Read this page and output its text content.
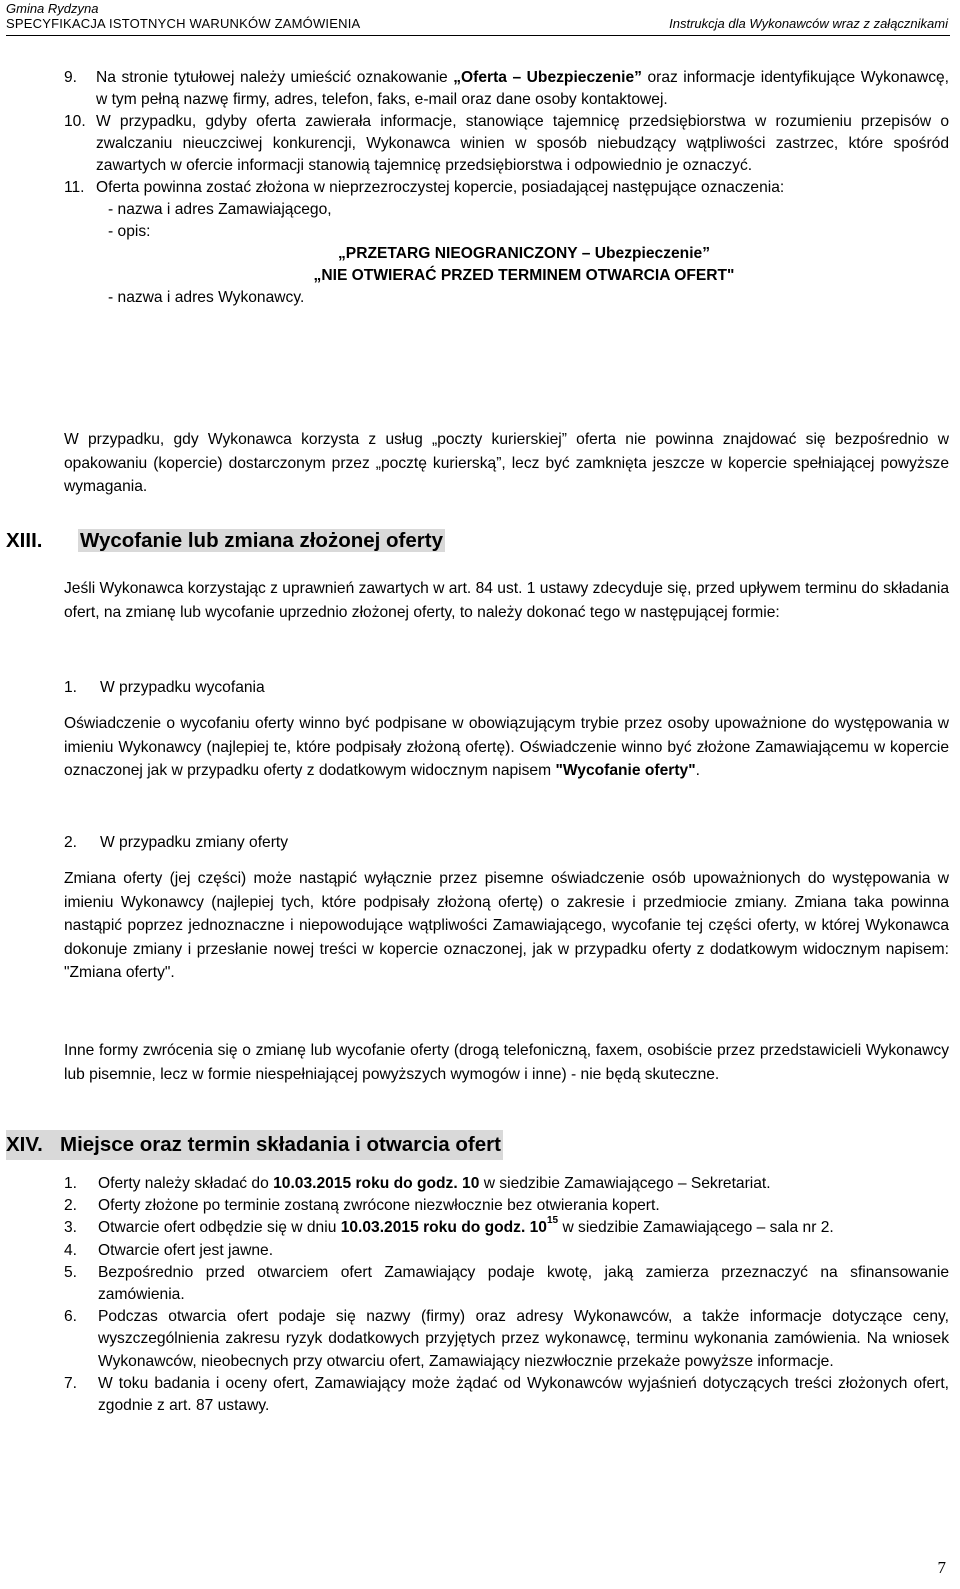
Gmina Rydzyna
SPECYFIKACJA ISTOTNYCH WARUNKÓW ZAMÓWIENIA	Instrukcja dla Wykonawców wraz z załącznikami
9. Na stronie tytułowej należy umieścić oznakowanie „Oferta – Ubezpieczenie” oraz informacje identyfikujące Wykonawcę, w tym pełną nazwę firmy, adres, telefon, faks, e-mail oraz dane osoby kontaktowej.
10. W przypadku, gdyby oferta zawierała informacje, stanowiące tajemnicę przedsiębiorstwa w rozumieniu przepisów o zwalczaniu nieuczciwej konkurencji, Wykonawca winien w sposób niebudzący wątpliwości zastrzec, które spośród zawartych w ofercie informacji stanowią tajemnicę przedsiębiorstwa i odpowiednio je oznaczyć.
11. Oferta powinna zostać złożona w nieprzezroczystej kopercie, posiadającej następujące oznaczenia:

- nazwa i adres Zamawiającego,

- opis:

„PRZETARG NIEOGRANICZONY – Ubezpieczenie”

„NIE OTWIERAĆ PRZED TERMINEM OTWARCIA OFERT"

- nazwa i adres Wykonawcy.

W przypadku, gdy Wykonawca korzysta z usług „poczty kurierskiej” oferta nie powinna znajdować się bezpośrednio w opakowaniu (kopercie) dostarczonym przez „pocztę kurierską”, lecz być zamknięta jeszcze w kopercie spełniającej powyższe wymagania.

XIII. Wycofanie lub zmiana złożonej oferty

Jeśli Wykonawca korzystając z uprawnień zawartych w art. 84 ust. 1 ustawy zdecyduje się, przed upływem terminu do składania ofert, na zmianę lub wycofanie uprzednio złożonej oferty, to należy dokonać tego w następującej formie:

1. W przypadku wycofania

Oświadczenie o wycofaniu oferty winno być podpisane w obowiązującym trybie przez osoby upoważnione do występowania w imieniu Wykonawcy (najlepiej te, które podpisały złożoną ofertę). Oświadczenie winno być złożone Zamawiającemu w kopercie oznaczonej jak w przypadku oferty z dodatkowym widocznym napisem "Wycofanie oferty".

2. W przypadku zmiany oferty

Zmiana oferty (jej części) może nastąpić wyłącznie przez pisemne oświadczenie osób upoważnionych do występowania w imieniu Wykonawcy (najlepiej tych, które podpisały złożoną ofertę) o zakresie i przedmiocie zmiany. Zmiana taka powinna nastąpić poprzez jednoznaczne i niepowodujące wątpliwości Zamawiającego, wycofanie tej części oferty, w której Wykonawca dokonuje zmiany i przesłanie nowej treści w kopercie oznaczonej, jak w przypadku oferty z dodatkowym widocznym napisem: "Zmiana oferty".

Inne formy zwrócenia się o zmianę lub wycofanie oferty (drogą telefoniczną, faxem, osobiście przez przedstawicieli Wykonawcy lub pisemnie, lecz w formie niespełniającej powyższych wymogów i inne) - nie będą skuteczne.

XIV. Miejsce oraz termin składania i otwarcia ofert
1. Oferty należy składać do 10.03.2015 roku do godz. 10 w siedzibie Zamawiającego – Sekretariat.
2. Oferty złożone po terminie zostaną zwrócone niezwłocznie bez otwierania kopert.
3. Otwarcie ofert odbędzie się w dniu 10.03.2015 roku do godz. $10^{15}$ w siedzibie Zamawiającego – sala nr 2.
4. Otwarcie ofert jest jawne.
5. Bezpośrednio przed otwarciem ofert Zamawiający podaje kwotę, jaką zamierza przeznaczyć na sfinansowanie zamówienia.
6. Podczas otwarcia ofert podaje się nazwy (firmy) oraz adresy Wykonawców, a także informacje dotyczące ceny, wyszczególnienia zakresu ryzyk dodatkowych przyjętych przez wykonawcę, terminu wykonania zamówienia. Na wniosek Wykonawców, nieobecnych przy otwarciu ofert, Zamawiający niezwłocznie przekaże powyższe informacje.
7. W toku badania i oceny ofert, Zamawiający może żądać od Wykonawców wyjaśnień dotyczących treści złożonych ofert, zgodnie z art. 87 ustawy.
7
